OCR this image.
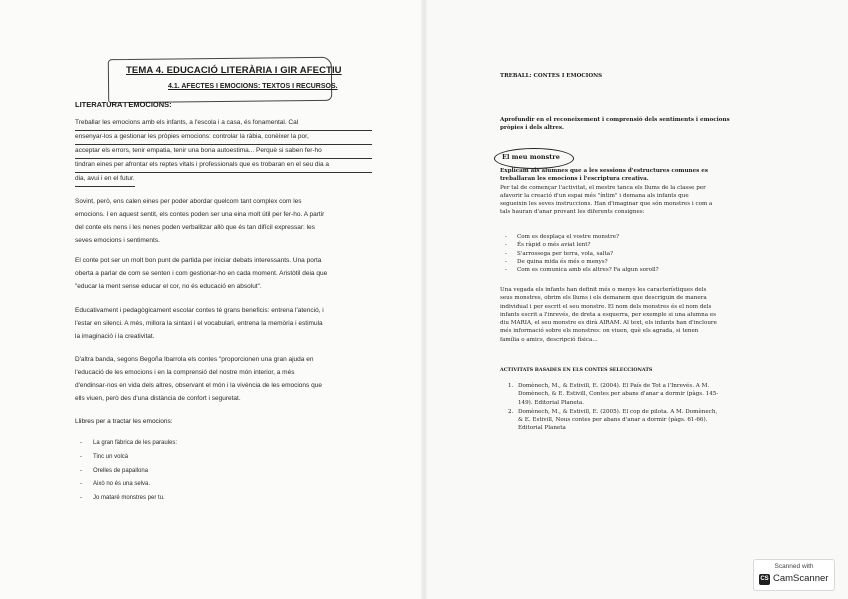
TEMA 4. EDUCACIÓ LITERÀRIA I GIR AFECTIU
4.1. AFECTES I EMOCIONS: TEXTOS I RECURSOS.
LITERATURA I EMOCIONS:
Treballar les emocions amb els infants, a l'escola i a casa, és fonamental. Cal
ensenyar-los a gestionar les pròpies emocions: controlar la ràbia, conèixer la por,
acceptar els errors, tenir empatia, tenir una bona autoestima... Perquè si saben fer-ho
tindran eines per afrontar els reptes vitals i professionals que es trobaran en el seu dia a
dia, avui i en el futur.
Sovint, però, ens calen eines per poder abordar quelcom tant complex com les
emocions. I en aquest sentit, els contes poden ser una eina molt útil per fer-ho. A partir
del conte els nens i les nenes poden verbalitzar allò que és tan difícil expressar: les
seves emocions i sentiments.
El conte pot ser un molt bon punt de partida per iniciar debats interessants. Una porta
oberta a parlar de com se senten i com gestionar-ho en cada moment. Aristòtil deia que
"educar la ment sense educar el cor, no és educació en absolut".
Educativament i pedagògicament escolar contes té grans beneficis: entrena l'atenció, i
l'estar en silenci. A més, millora la sintaxi i el vocabulari, entrena la memòria i estimula
la imaginació i la creativitat.
D'altra banda, segons Begoña Ibarrola els contes "proporcionen una gran ajuda en
l'educació de les emocions i en la comprensió del nostre món interior, a més
d'endinsar-nos en vida dels altres, observant el món i la vivència de les emocions que
ells viuen, però des d'una distància de confort i seguretat.
Llibres per a tractar les emocions:
- La gran fàbrica de les paraules:
- Tinc un volcà
- Orelles de papallona
- Això no és una selva.
- Jo mataré monstres per tu.
TREBALL: CONTES I EMOCIONS
Aprofundir en el reconeixement i comprensió dels sentiments i emocions
pròpies i dels altres.
El meu monstre
Explicam als alumnes que a les sessions d'estructures comunes es
treballaran les emocions i l'escriptura creativa.
Per tal de començar l'activitat, el mestre tanca els llums de la classe per
afavorir la creació d'un espai més "íntim" i demana als infants que
segueixin les seves instruccions. Han d'imaginar que són monstres i com a
tals hauran d'anar provant les diferents consignes:
- Com es desplaça el vostre monstre?
- És ràpid o més aviat lent?
- S'arrossega per terra, vola, salta?
- De quina mida és més o menys?
- Com es comunica amb els altres? Fa algun soroll?
Una vegada els infants han definit més o menys les característiques dels
seus monstres, obrim els llums i els demanem que descriguin de manera
individual i per escrit el seu monstre. El nom dels monstres és el nom dels
infants escrit a l'inrevés, de dreta a esquerra, per exemple si una alumna es
diu MARIA, el seu monstre es dirà AIRAM. Al text, els infants han d'incloure
més informació sobre els monstres: on viuen, què els agrada, si tenen
família o amics, descripció física...
ACTIVITATS BASADES EN ELS CONTES SELECCIONATS
1. Domènech, M., & Estivill, E. (2004). El País de Tot a l'Inrevés. A M.
Domènech, & E. Estivill, Contes per abans d'anar a dormir (pàgs. 145-
149). Editorial Planeta.
2. Domènech, M., & Estivill, E. (2005). El cop de pilota. A M. Domènech,
& E. Estivill, Nous contes per abans d'anar a dormir (pàgs. 61-66).
Editorial Planeta
Scanned with
CS CamScanner
